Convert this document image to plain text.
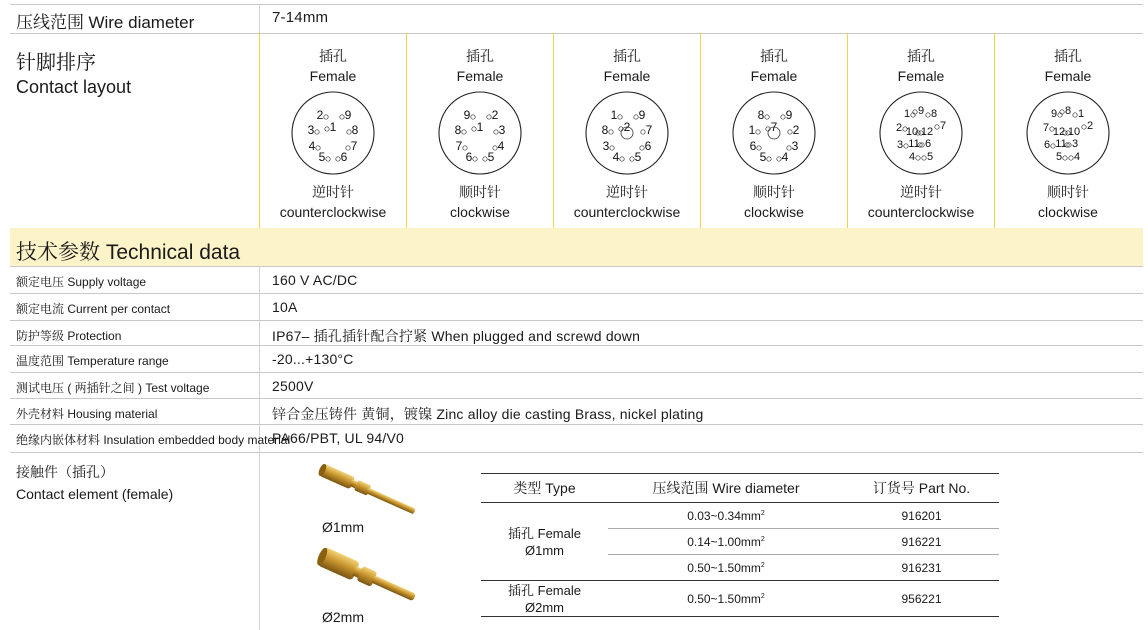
压线范围 Wire diameter	7-14mm
针脚排序
Contact layout
插孔
Female
2 9
3 1 8
4	7
5 6
逆时针
counterclockwise
插孔
Female
9 2
8 1 3
7	4
6 5
顺时针
clockwise
插孔
Female
1 9
8 2 7
3	6
4 5
逆时针
counterclockwise
插孔
Female
8 9
1 7 2
6	3
5 4
顺时针
clockwise
插孔
Female
1 9 8
2 10 12 7
3 11 6
4 5
逆时针
counterclockwise
插孔
Female
9 8 1
7 12 10 2
6 11 3
5 4
顺时针
clockwise
技术参数 Technical data
额定电压 Supply voltage	160 V AC/DC
额定电流 Current per contact	10A
防护等级 Protection	IP67– 插孔插针配合拧紧 When plugged and screwd down
温度范围 Temperature range	-20...+130°C
测试电压 ( 两插针之间 ) Test voltage	2500V
外壳材料 Housing material	锌合金压铸件 黄铜，镀镍 Zinc alloy die casting Brass, nickel plating
绝缘内嵌体材料 Insulation embedded body material
PA66/PBT, UL 94/V0
接触件（插孔）
Contact element (female)
Ø1mm
Ø2mm
类型 Type	压线范围 Wire diameter	订货号 Part No.

插孔 Female
Ø1mm	$0.03\sim 0.34mm^2$	916201
	$0.14\sim 1.00mm^2$	916221
	$0.50\sim 1.50mm^2$	916231

插孔 Female
Ø2mm	$0.50\sim 1.50mm^2$	956221
